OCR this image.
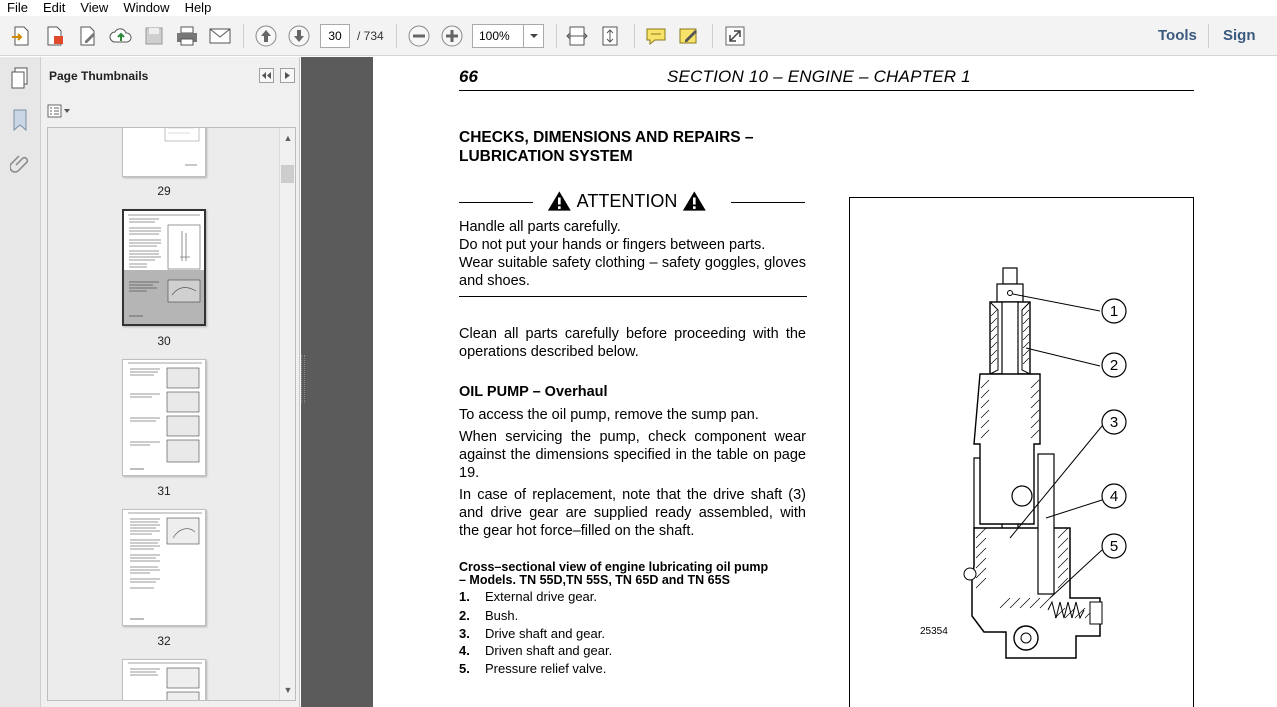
File	Edit	View	Window	Help
30	/ 734	100%	Tools Sign
Page Thumbnails
29
30
31
32
▲
▼
66	SECTION 10 – ENGINE – CHAPTER 1
CHECKS, DIMENSIONS AND REPAIRS –
LUBRICATION SYSTEM
ATTENTION
Handle all parts carefully.
Do not put your hands or fingers between parts.
Wear suitable safety clothing – safety goggles, gloves and shoes.
Clean all parts carefully before proceeding with the operations described below.
OIL PUMP – Overhaul
To access the oil pump, remove the sump pan.
When servicing the pump, check component wear against the dimensions specified in the table on page 19.
In case of replacement, note that the drive shaft (3) and drive gear are supplied ready assembled, with the gear hot force–filled on the shaft.
Cross–sectional view of engine lubricating oil pump
– Models. TN 55D,TN 55S, TN 65D and TN 65S
1. External drive gear.
2. Bush.
3. Drive shaft and gear.
4. Driven shaft and gear.
5. Pressure relief valve.
1
2
3
4
5
25354
